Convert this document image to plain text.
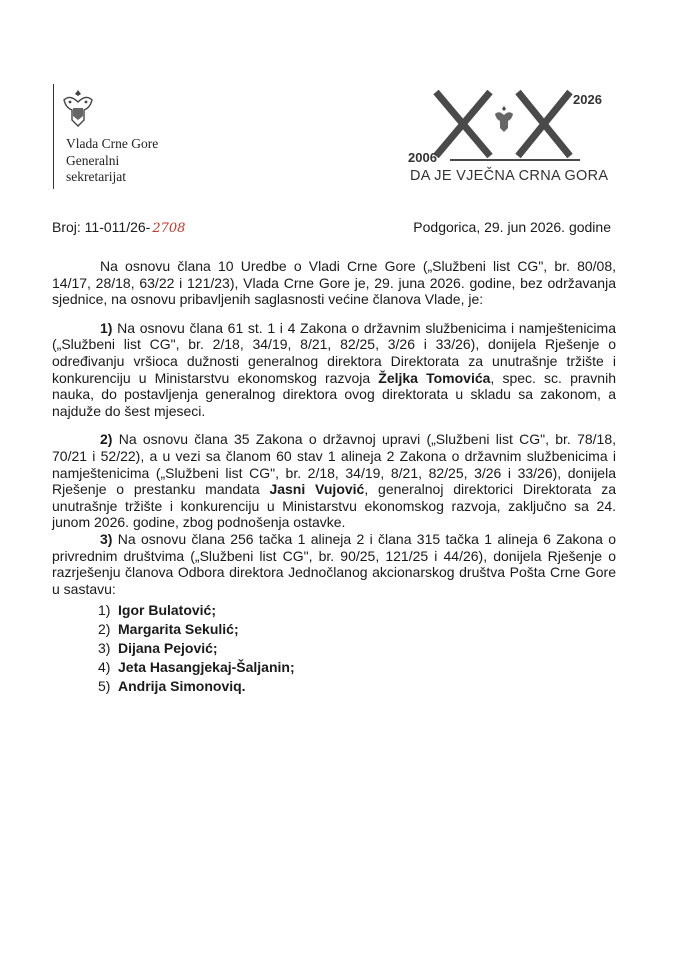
Vlada Crne Gore
Generalni
sekretarijat
2026
2006
DA JE VJEČNA CRNA GORA
Broj: 11-011/26- 2708	Podgorica, 29. jun 2026. godine

Na osnovu člana 10 Uredbe o Vladi Crne Gore („Službeni list CG", br. 80/08, 14/17, 28/18, 63/22 i 121/23), Vlada Crne Gore je, 29. juna 2026. godine, bez održavanja sjednice, na osnovu pribavljenih saglasnosti većine članova Vlade, je:

1) Na osnovu člana 61 st. 1 i 4 Zakona o državnim službenicima i namještenicima („Službeni list CG", br. 2/18, 34/19, 8/21, 82/25, 3/26 i 33/26), donijela Rješenje o određivanju vršioca dužnosti generalnog direktora Direktorata za unutrašnje tržište i konkurenciju u Ministarstvu ekonomskog razvoja Željka Tomovića, spec. sc. pravnih nauka, do postavljenja generalnog direktora ovog direktorata u skladu sa zakonom, a najduže do šest mjeseci.

2) Na osnovu člana 35 Zakona o državnoj upravi („Službeni list CG", br. 78/18, 70/21 i 52/22), a u vezi sa članom 60 stav 1 alineja 2 Zakona o državnim službenicima i namještenicima („Službeni list CG", br. 2/18, 34/19, 8/21, 82/25, 3/26 i 33/26), donijela Rješenje o prestanku mandata Jasni Vujović, generalnoj direktorici Direktorata za unutrašnje tržište i konkurenciju u Ministarstvu ekonomskog razvoja, zaključno sa 24. junom 2026. godine, zbog podnošenja ostavke.

3) Na osnovu člana 256 tačka 1 alineja 2 i člana 315 tačka 1 alineja 6 Zakona o privrednim društvima („Službeni list CG", br. 90/25, 121/25 i 44/26), donijela Rješenje o razrješenju članova Odbora direktora Jednočlanog akcionarskog društva Pošta Crne Gore u sastavu:

1) Igor Bulatović;
2) Margarita Sekulić;
3) Dijana Pejović;
4) Jeta Hasangjekaj-Šaljanin;
5) Andrija Simonoviq.
